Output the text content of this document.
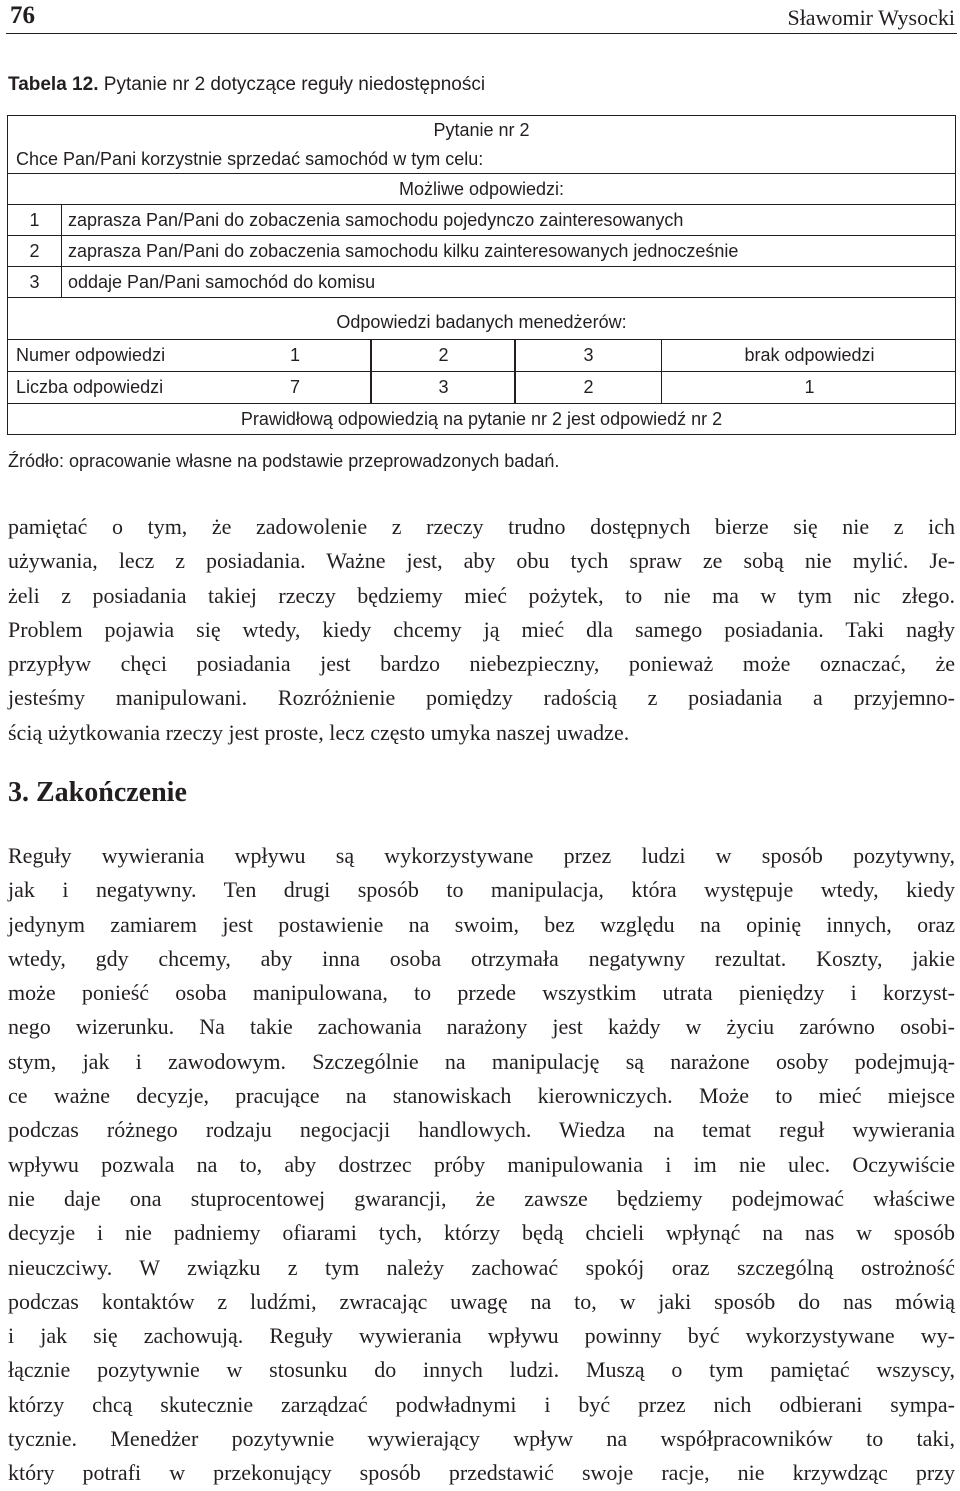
76	Sławomir Wysocki
Tabela 12. Pytanie nr 2 dotyczące reguły niedostępności
Pytanie nr 2
Chce Pan/Pani korzystnie sprzedać samochód w tym celu:
Możliwe odpowiedzi:
1	zaprasza Pan/Pani do zobaczenia samochodu pojedynczo zainteresowanych
2	zaprasza Pan/Pani do zobaczenia samochodu kilku zainteresowanych jednocześnie
3	oddaje Pan/Pani samochód do komisu
Odpowiedzi badanych menedżerów:
Numer odpowiedzi	1	2	3	brak odpowiedzi
Liczba odpowiedzi	7	3	2	1
Prawidłową odpowiedzią na pytanie nr 2 jest odpowiedź nr 2
Źródło: opracowanie własne na podstawie przeprowadzonych badań.
pamiętać o tym, że zadowolenie z rzeczy trudno dostępnych bierze się nie z ich
używania, lecz z posiadania. Ważne jest, aby obu tych spraw ze sobą nie mylić. Je-
żeli z posiadania takiej rzeczy będziemy mieć pożytek, to nie ma w tym nic złego.
Problem pojawia się wtedy, kiedy chcemy ją mieć dla samego posiadania. Taki nagły
przypływ chęci posiadania jest bardzo niebezpieczny, ponieważ może oznaczać, że
jesteśmy manipulowani. Rozróżnienie pomiędzy radością z posiadania a przyjemno-
ścią użytkowania rzeczy jest proste, lecz często umyka naszej uwadze.
3. Zakończenie
Reguły wywierania wpływu są wykorzystywane przez ludzi w sposób pozytywny,
jak i negatywny. Ten drugi sposób to manipulacja, która występuje wtedy, kiedy
jedynym zamiarem jest postawienie na swoim, bez względu na opinię innych, oraz
wtedy, gdy chcemy, aby inna osoba otrzymała negatywny rezultat. Koszty, jakie
może ponieść osoba manipulowana, to przede wszystkim utrata pieniędzy i korzyst-
nego wizerunku. Na takie zachowania narażony jest każdy w życiu zarówno osobi-
stym, jak i zawodowym. Szczególnie na manipulację są narażone osoby podejmują-
ce ważne decyzje, pracujące na stanowiskach kierowniczych. Może to mieć miejsce
podczas różnego rodzaju negocjacji handlowych. Wiedza na temat reguł wywierania
wpływu pozwala na to, aby dostrzec próby manipulowania i im nie ulec. Oczywiście
nie daje ona stuprocentowej gwarancji, że zawsze będziemy podejmować właściwe
decyzje i nie padniemy ofiarami tych, którzy będą chcieli wpłynąć na nas w sposób
nieuczciwy. W związku z tym należy zachować spokój oraz szczególną ostrożność
podczas kontaktów z ludźmi, zwracając uwagę na to, w jaki sposób do nas mówią
i jak się zachowują. Reguły wywierania wpływu powinny być wykorzystywane wy-
łącznie pozytywnie w stosunku do innych ludzi. Muszą o tym pamiętać wszyscy,
którzy chcą skutecznie zarządzać podwładnymi i być przez nich odbierani sympa-
tycznie. Menedżer pozytywnie wywierający wpływ na współpracowników to taki,
który potrafi w przekonujący sposób przedstawić swoje racje, nie krzywdząc przy
